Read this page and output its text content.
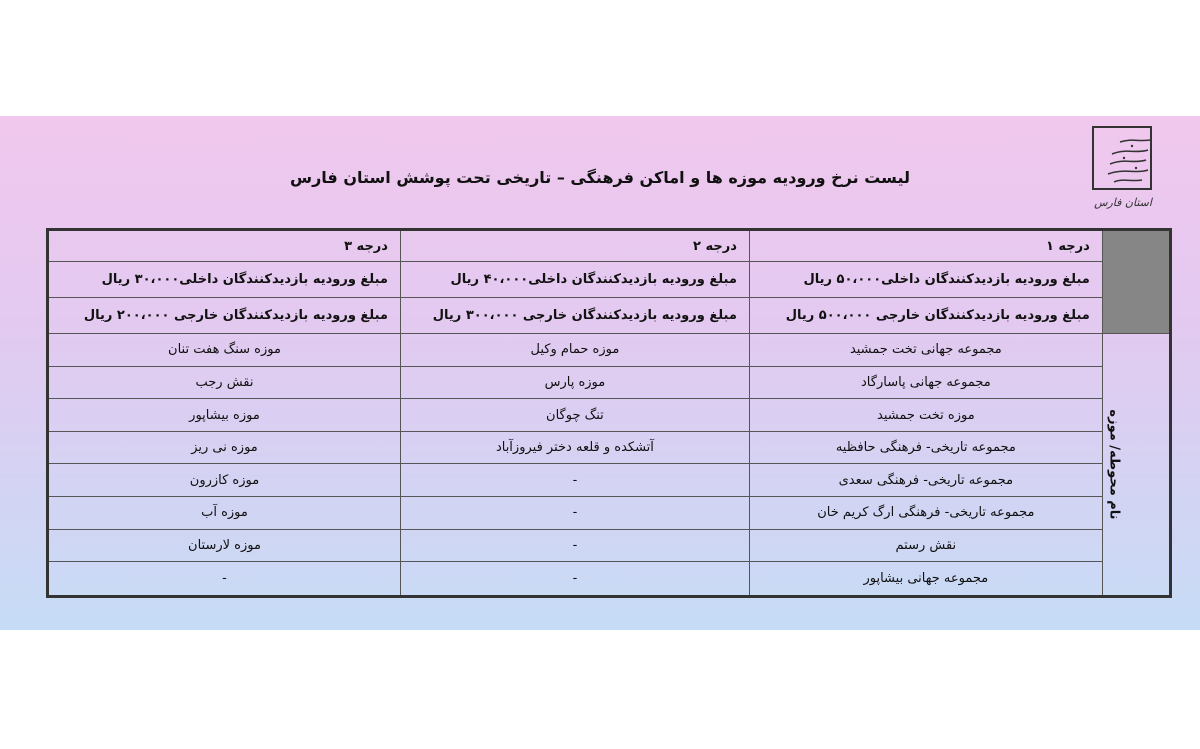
استان فارس
لیست نرخ ورودیه موزه ها و اماکن فرهنگی – تاریخی تحت پوشش استان فارس
	درجه ۱	درجه ۲	درجه ۳
	مبلغ ورودیه بازدیدکنندگان داخلی۵۰،۰۰۰ ریال	مبلغ ورودیه بازدیدکنندگان داخلی۴۰،۰۰۰ ریال	مبلغ ورودیه بازدیدکنندگان داخلی۳۰،۰۰۰ ریال
	مبلغ ورودیه بازدیدکنندگان خارجی ۵۰۰،۰۰۰ ریال	مبلغ ورودیه بازدیدکنندگان خارجی ۳۰۰،۰۰۰ ریال	مبلغ ورودیه بازدیدکنندگان خارجی ۲۰۰،۰۰۰ ریال
نام محوطه/ موزه	مجموعه جهانی تخت جمشید	موزه حمام وکیل	موزه سنگ هفت تنان
	مجموعه جهانی پاسارگاد	موزه پارس	نقش رجب
	موزه تخت جمشید	تنگ چوگان	موزه بیشاپور
	مجموعه تاریخی- فرهنگی حافظیه	آتشکده و قلعه دختر فیروزآباد	موزه نی ریز
	مجموعه تاریخی- فرهنگی سعدی	-	موزه کازرون
	مجموعه تاریخی- فرهنگی ارگ کریم خان	-	موزه آب
	نقش رستم	-	موزه لارستان
	مجموعه جهانی بیشاپور	-	-
